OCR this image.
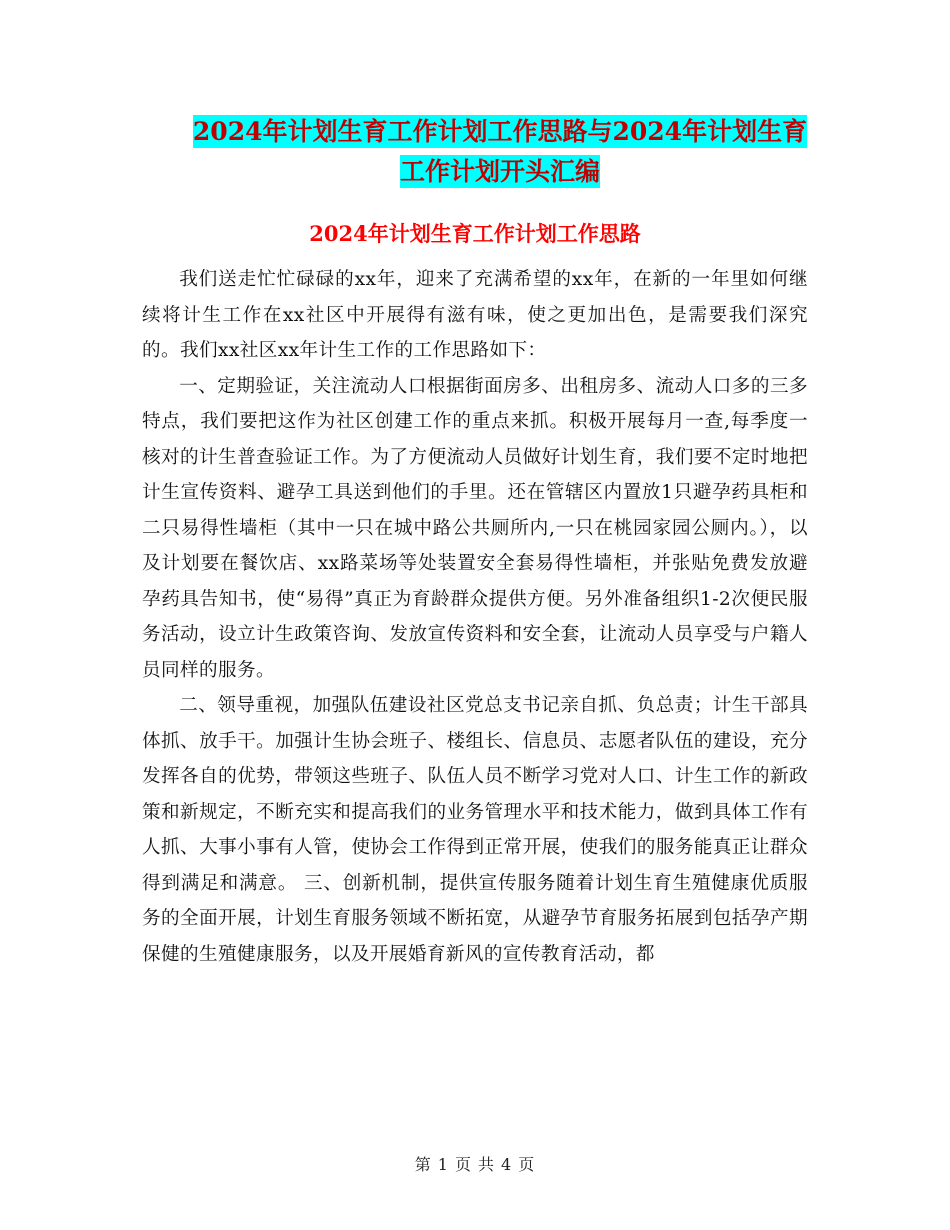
2024年计划生育工作计划工作思路与2024年计划生育
工作计划开头汇编
2024年计划生育工作计划工作思路

我们送走忙忙碌碌的xx年，迎来了充满希望的xx年，在新的一年里如何继续将计生工作在xx社区中开展得有滋有味，使之更加出色，是需要我们深究的。我们xx社区xx年计生工作的工作思路如下：

一、定期验证，关注流动人口根据街面房多、出租房多、流动人口多的三多特点，我们要把这作为社区创建工作的重点来抓。积极开展每月一查,每季度一核对的计生普查验证工作。为了方便流动人员做好计划生育，我们要不定时地把计生宣传资料、避孕工具送到他们的手里。还在管辖区内置放1只避孕药具柜和二只易得性墙柜（其中一只在城中路公共厕所内,一只在桃园家园公厕内。），以及计划要在餐饮店、xx路菜场等处装置安全套易得性墙柜，并张贴免费发放避孕药具告知书，使“易得”真正为育龄群众提供方便。另外准备组织1-2次便民服务活动，设立计生政策咨询、发放宣传资料和安全套，让流动人员享受与户籍人员同样的服务。

二、领导重视，加强队伍建设社区党总支书记亲自抓、负总责；计生干部具体抓、放手干。加强计生协会班子、楼组长、信息员、志愿者队伍的建设，充分发挥各自的优势，带领这些班子、队伍人员不断学习党对人口、计生工作的新政策和新规定，不断充实和提高我们的业务管理水平和技术能力，做到具体工作有人抓、大事小事有人管，使协会工作得到正常开展，使我们的服务能真正让群众得到满足和满意。 三、创新机制，提供宣传服务随着计划生育生殖健康优质服务的全面开展，计划生育服务领域不断拓宽，从避孕节育服务拓展到包括孕产期保健的生殖健康服务，以及开展婚育新风的宣传教育活动，都

第 1 页 共 4 页
